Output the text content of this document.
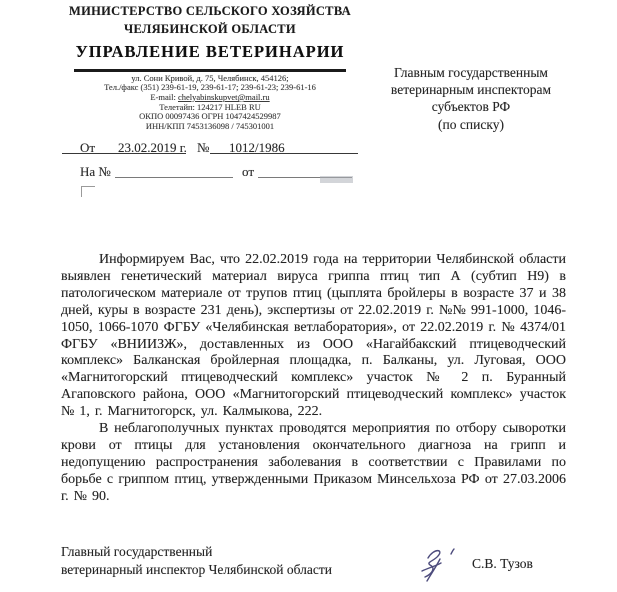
МИНИСТЕРСТВО СЕЛЬСКОГО ХОЗЯЙСТВА
ЧЕЛЯБИНСКОЙ ОБЛАСТИ
УПРАВЛЕНИЕ ВЕТЕРИНАРИИ
ул. Сони Кривой, д. 75, Челябинск, 454126;
Тел./факс (351) 239-61-19, 239-61-17; 239-61-23; 239-61-16
E-mail: chelyabinskupvet@mail.ru
Телетайп: 124217 HLEB RU
ОКПО 00097436 ОГРН 1047424529987
ИНН/КПП 7453136098 / 745301001
Главным государственным
ветеринарным инспекторам
субъектов РФ
(по списку)
От 23.02.2019 г. № 1012/1986
На №	от

Информируем Вас, что 22.02.2019 года на территории Челябинской области выявлен генетический материал вируса гриппа птиц тип А (субтип Н9) в патологическом материале от трупов птиц (цыплята бройлеры в возрасте 37 и 38 дней, куры в возрасте 231 день), экспертизы от 22.02.2019 г. №№ 991-1000, 1046-1050, 1066-1070 ФГБУ «Челябинская ветлаборатория», от 22.02.2019 г. № 4374/01 ФГБУ «ВНИИЗЖ», доставленных из ООО «Нагайбакский птицеводческий комплекс» Балканская бройлерная площадка, п. Балканы, ул. Луговая, ООО «Магнитогорский птицеводческий комплекс» участок № 2 п. Буранный Агаповского района, ООО «Магнитогорский птицеводческий комплекс» участок № 1, г. Магнитогорск, ул. Калмыкова, 222.

В неблагополучных пунктах проводятся мероприятия по отбору сыворотки крови от птицы для установления окончательного диагноза на грипп и недопущению распространения заболевания в соответствии с Правилами по борьбе с гриппом птиц, утвержденными Приказом Минсельхоза РФ от 27.03.2006 г. № 90.

Главный государственный
ветеринарный инспектор Челябинской области	С.В. Тузов
